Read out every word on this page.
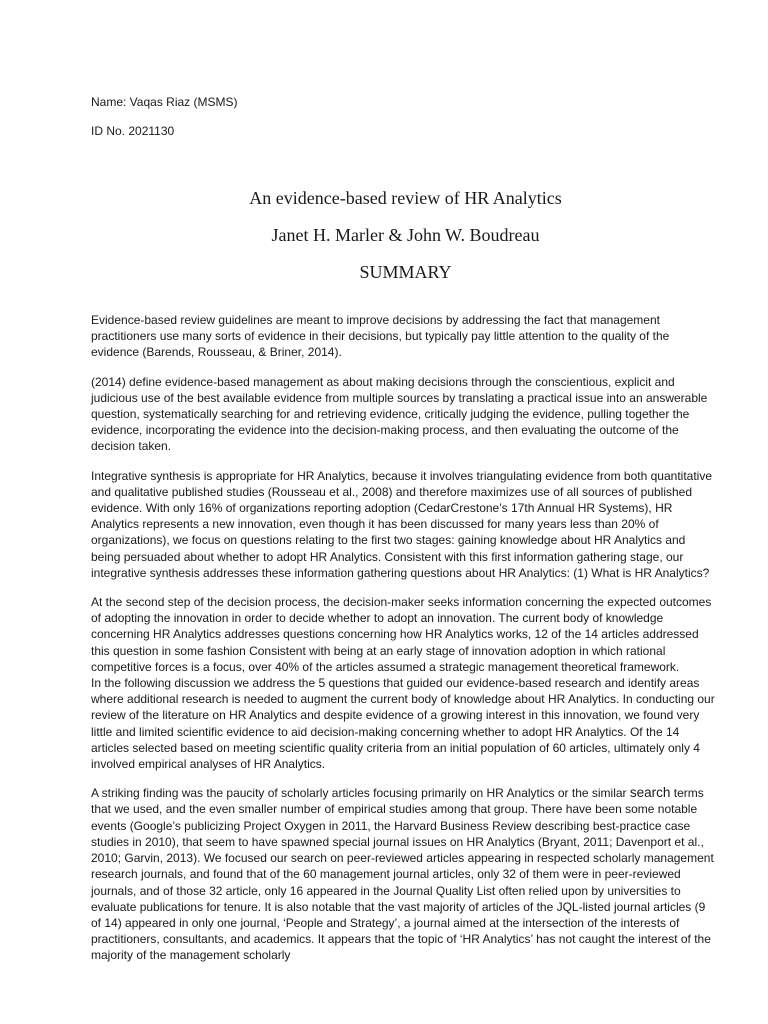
Name: Vaqas Riaz (MSMS)

ID No. 2021130

An evidence-based review of HR Analytics

Janet H. Marler & John W. Boudreau

SUMMARY

Evidence-based review guidelines are meant to improve decisions by addressing the fact that management practitioners use many sorts of evidence in their decisions, but typically pay little attention to the quality of the evidence (Barends, Rousseau, & Briner, 2014).

(2014) define evidence-based management as about making decisions through the conscientious, explicit and judicious use of the best available evidence from multiple sources by translating a practical issue into an answerable question, systematically searching for and retrieving evidence, critically judging the evidence, pulling together the evidence, incorporating the evidence into the decision-making process, and then evaluating the outcome of the decision taken.

Integrative synthesis is appropriate for HR Analytics, because it involves triangulating evidence from both quantitative and qualitative published studies (Rousseau et al., 2008) and therefore maximizes use of all sources of published evidence. With only 16% of organizations reporting adoption (CedarCrestone’s 17th Annual HR Systems), HR Analytics represents a new innovation, even though it has been discussed for many years less than 20% of organizations), we focus on questions relating to the first two stages: gaining knowledge about HR Analytics and being persuaded about whether to adopt HR Analytics. Consistent with this first information gathering stage, our integrative synthesis addresses these information gathering questions about HR Analytics: (1) What is HR Analytics?

At the second step of the decision process, the decision-maker seeks information concerning the expected outcomes of adopting the innovation in order to decide whether to adopt an innovation. The current body of knowledge concerning HR Analytics addresses questions concerning how HR Analytics works, 12 of the 14 articles addressed this question in some fashion Consistent with being at an early stage of innovation adoption in which rational competitive forces is a focus, over 40% of the articles assumed a strategic management theoretical framework.

In the following discussion we address the 5 questions that guided our evidence-based research and identify areas where additional research is needed to augment the current body of knowledge about HR Analytics. In conducting our review of the literature on HR Analytics and despite evidence of a growing interest in this innovation, we found very little and limited scientific evidence to aid decision-making concerning whether to adopt HR Analytics. Of the 14 articles selected based on meeting scientific quality criteria from an initial population of 60 articles, ultimately only 4 involved empirical analyses of HR Analytics.

A striking finding was the paucity of scholarly articles focusing primarily on HR Analytics or the similar search terms that we used, and the even smaller number of empirical studies among that group. There have been some notable events (Google’s publicizing Project Oxygen in 2011, the Harvard Business Review describing best-practice case studies in 2010), that seem to have spawned special journal issues on HR Analytics (Bryant, 2011; Davenport et al., 2010; Garvin, 2013). We focused our search on peer-reviewed articles appearing in respected scholarly management research journals, and found that of the 60 management journal articles, only 32 of them were in peer-reviewed journals, and of those 32 article, only 16 appeared in the Journal Quality List often relied upon by universities to evaluate publications for tenure. It is also notable that the vast majority of articles of the JQL-listed journal articles (9 of 14) appeared in only one journal, ‘People and Strategy’, a journal aimed at the intersection of the interests of practitioners, consultants, and academics. It appears that the topic of ‘HR Analytics’ has not caught the interest of the majority of the management scholarly
